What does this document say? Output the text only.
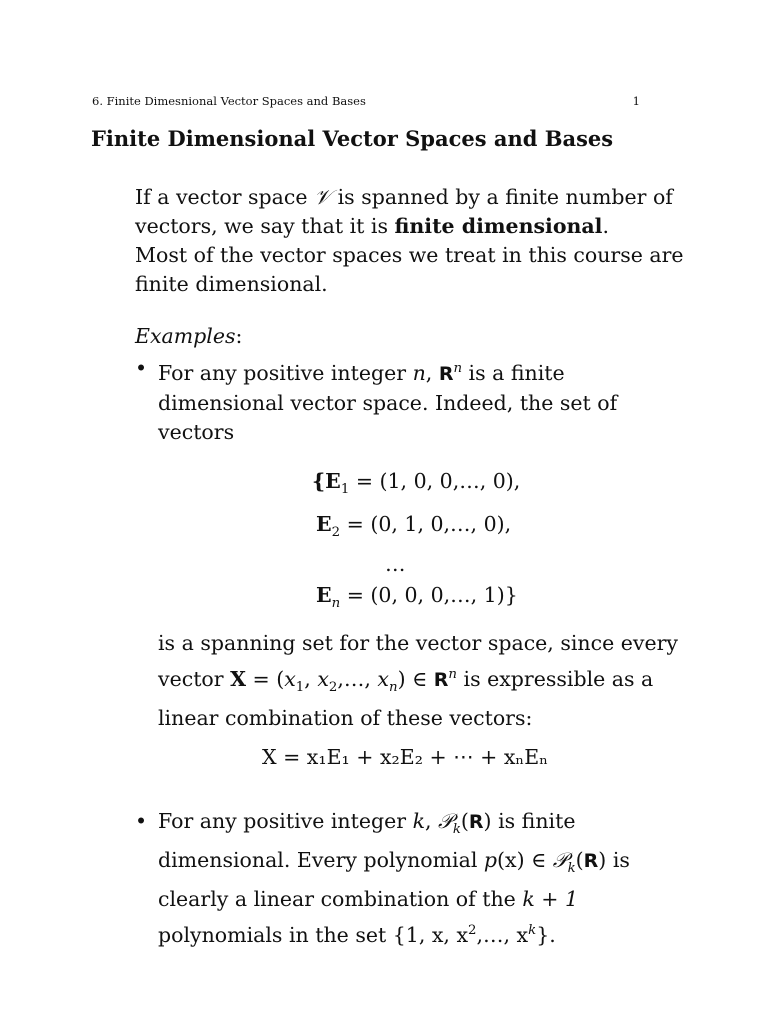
6. Finite Dimesnional Vector Spaces and Bases	1
Finite Dimensional Vector Spaces and Bases
If a vector space 𝒱 is spanned by a finite number of
vectors, we say that it is finite dimensional.
Most of the vector spaces we treat in this course are
finite dimensional.
Examples:
• For any positive integer n, $R^n$ is a finite
dimensional vector space. Indeed, the set of
vectors
{$E_1 = (1$, 0, 0,…, 0),
$E_2 = (0$, 1, 0,…, 0),
…
$E_n = (0$, 0, 0,…, 1)}
is a spanning set for the vector space, since every
vector $X = (x_1$, $x_2,\dots$, $x_n$) ∈ $R^n$ is expressible as a
linear combination of these vectors:
X = x₁E₁ + x₂E₂ + ⋯ + xₙEₙ
• For any positive integer k, 𝒫$_k$(R) is finite
dimensional. Every polynomial p(x) ∈ 𝒫$_k$(R) is
clearly a linear combination of the k + 1
polynomials in the set {1, x, $x^2,\dots$, $x^k$}.
